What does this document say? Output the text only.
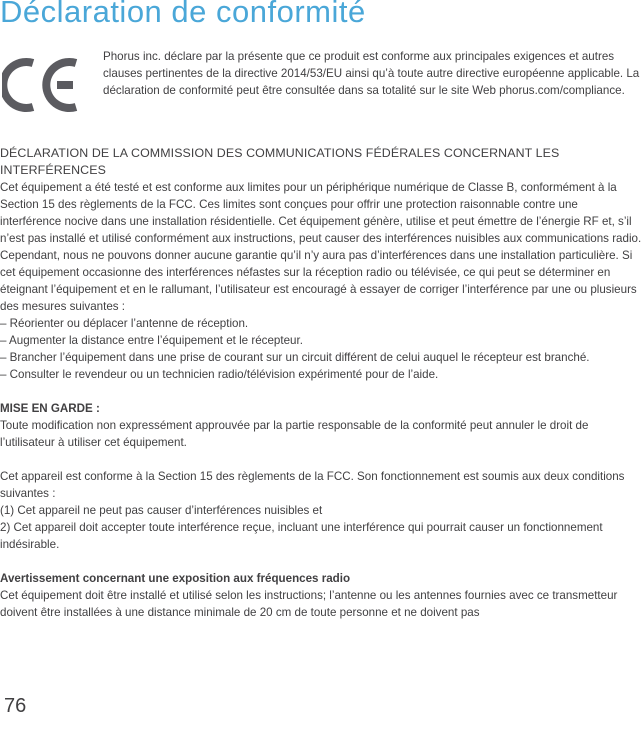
Déclaration de conformité

Phorus inc. déclare par la présente que ce produit est conforme aux principales exigences et autres clauses pertinentes de la directive 2014/53/EU ainsi qu’à toute autre directive européenne applicable. La déclaration de conformité peut être consultée dans sa totalité sur le site Web phorus.com/compliance.

DÉCLARATION DE LA COMMISSION DES COMMUNICATIONS FÉDÉRALES CONCERNANT LES INTERFÉRENCES

Cet équipement a été testé et est conforme aux limites pour un périphérique numérique de Classe B, conformément à la Section 15 des règlements de la FCC. Ces limites sont conçues pour offrir une protection raisonnable contre une interférence nocive dans une installation résidentielle. Cet équipement génère, utilise et peut émettre de l’énergie RF et, s’il n’est pas installé et utilisé conformément aux instructions, peut causer des interférences nuisibles aux communications radio. Cependant, nous ne pouvons donner aucune garantie qu’il n’y aura pas d’interférences dans une installation particulière. Si cet équipement occasionne des interférences néfastes sur la réception radio ou télévisée, ce qui peut se déterminer en éteignant l’équipement et en le rallumant, l’utilisateur est encouragé à essayer de corriger l’interférence par une ou plusieurs des mesures suivantes :

– Réorienter ou déplacer l’antenne de réception.

– Augmenter la distance entre l’équipement et le récepteur.

– Brancher l’équipement dans une prise de courant sur un circuit différent de celui auquel le récepteur est branché.

– Consulter le revendeur ou un technicien radio/télévision expérimenté pour de l’aide.

MISE EN GARDE :

Toute modification non expressément approuvée par la partie responsable de la conformité peut annuler le droit de l’utilisateur à utiliser cet équipement.

Cet appareil est conforme à la Section 15 des règlements de la FCC. Son fonctionnement est soumis aux deux conditions suivantes :

(1) Cet appareil ne peut pas causer d’interférences nuisibles et

2) Cet appareil doit accepter toute interférence reçue, incluant une interférence qui pourrait causer un fonctionnement indésirable.

Avertissement concernant une exposition aux fréquences radio

Cet équipement doit être installé et utilisé selon les instructions; l’antenne ou les antennes fournies avec ce transmetteur doivent être installées à une distance minimale de 20 cm de toute personne et ne doivent pas

76
